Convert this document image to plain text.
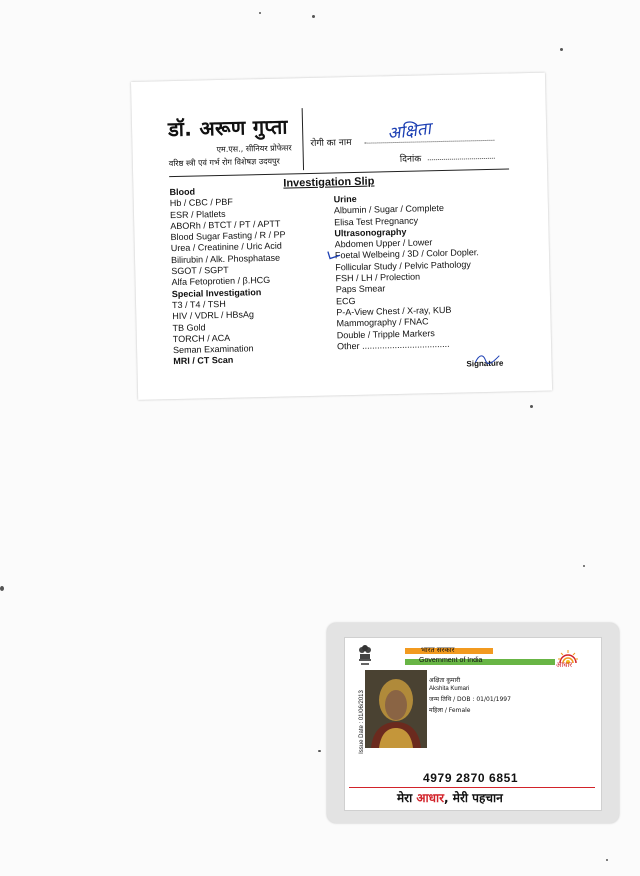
डॉ. अरूण गुप्ता
एम.एस., सीनियर प्रोफेसर
वरिष्ठ स्त्री एवं गर्भ रोग विशेषज्ञ उदयपुर
रोगी का नाम अक्षिता
दिनांक
Investigation Slip
Blood
Hb / CBC / PBF
ESR / Platlets
ABORh / BTCT / PT / APTT
Blood Sugar Fasting / R / PP
Urea / Creatinine / Uric Acid
Bilirubin / Alk. Phosphatase
SGOT / SGPT
Alfa Fetoprotien / β.HCG
Special Investigation
T3 / T4 / TSH
HIV / VDRL / HBsAg
TB Gold
TORCH / ACA
Seman Examination
MRI / CT Scan
Urine
Albumin / Sugar / Complete
Elisa Test Pregnancy
Ultrasonography
Abdomen Upper / Lower
Foetal Welbeing / 3D / Color Dopler.
Follicular Study / Pelvic Pathology
FSH / LH / Prolection
Paps Smear
ECG
P-A-View Chest / X-ray, KUB
Mammography / FNAC
Double / Tripple Markers
Other ...................................
Signature
भारत सरकार
Government of India
आधार
Issue Date : 01/06/2013
अक्षिता कुमारी
Akshita Kumari
जन्म तिथि / DOB : 01/01/1997
महिला / Female
4979 2870 6851
मेरा आधार, मेरी पहचान
